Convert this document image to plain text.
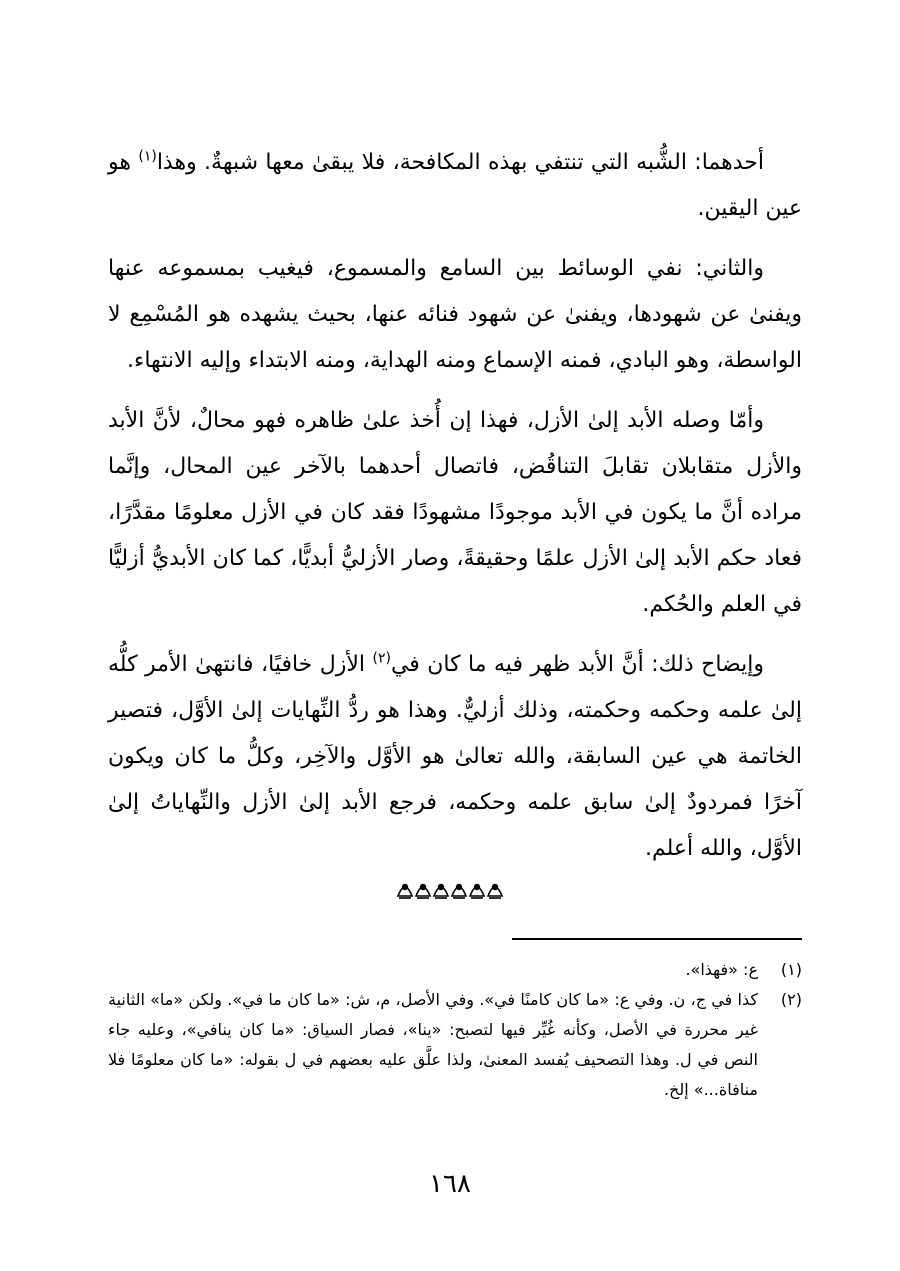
أحدهما: الشُّبه التي تنتفي بهذه المكافحة، فلا يبقىٰ معها شبهةٌ. وهذا$^{(١)}$ هو عين اليقين.

والثاني: نفي الوسائط بين السامع والمسموع، فيغيب بمسموعه عنها ويفنىٰ عن شهودها، ويفنىٰ عن شهود فنائه عنها، بحيث يشهده هو المُسْمِع لا الواسطة، وهو البادي، فمنه الإسماع ومنه الهداية، ومنه الابتداء وإليه الانتهاء.

وأمّا وصله الأبد إلىٰ الأزل، فهذا إن أُخذ علىٰ ظاهره فهو محالٌ، لأنَّ الأبد والأزل متقابلان تقابلَ التناقُض، فاتصال أحدهما بالآخر عين المحال، وإنَّما مراده أنَّ ما يكون في الأبد موجودًا مشهودًا فقد كان في الأزل معلومًا مقدَّرًا، فعاد حكم الأبد إلىٰ الأزل علمًا وحقيقةً، وصار الأزليُّ أبديًّا، كما كان الأبديُّ أزليًّا في العلم والحُكم.

وإيضاح ذلك: أنَّ الأبد ظهر فيه ما كان في$^{(٢)}$ الأزل خافيًا، فانتهىٰ الأمر كلُّه إلىٰ علمه وحكمه وحكمته، وذلك أزليٌّ. وهذا هو ردُّ النِّهايات إلىٰ الأوَّل، فتصير الخاتمة هي عين السابقة، والله تعالىٰ هو الأوَّل والآخِر، وكلُّ ما كان ويكون آخرًا فمردودٌ إلىٰ سابق علمه وحكمه، فرجع الأبد إلىٰ الأزل والنِّهاياتُ إلىٰ الأوَّل، والله أعلم.

(١)
ع: «فهذا».
(٢)
كذا في ج، ن. وفي ع: «ما كان كامنًا في». وفي الأصل، م، ش: «ما كان ما في». ولكن «ما» الثانية غير محررة في الأصل، وكأنه غُيِّر فيها لتصبح: «ينا»، فصار السياق: «ما كان ينافي»، وعليه جاء النص في ل. وهذا التصحيف يُفسد المعنىٰ، ولذا علَّق عليه بعضهم في ل بقوله: «ما كان معلومًا فلا منافاة...» إلخ.
١٦٨
